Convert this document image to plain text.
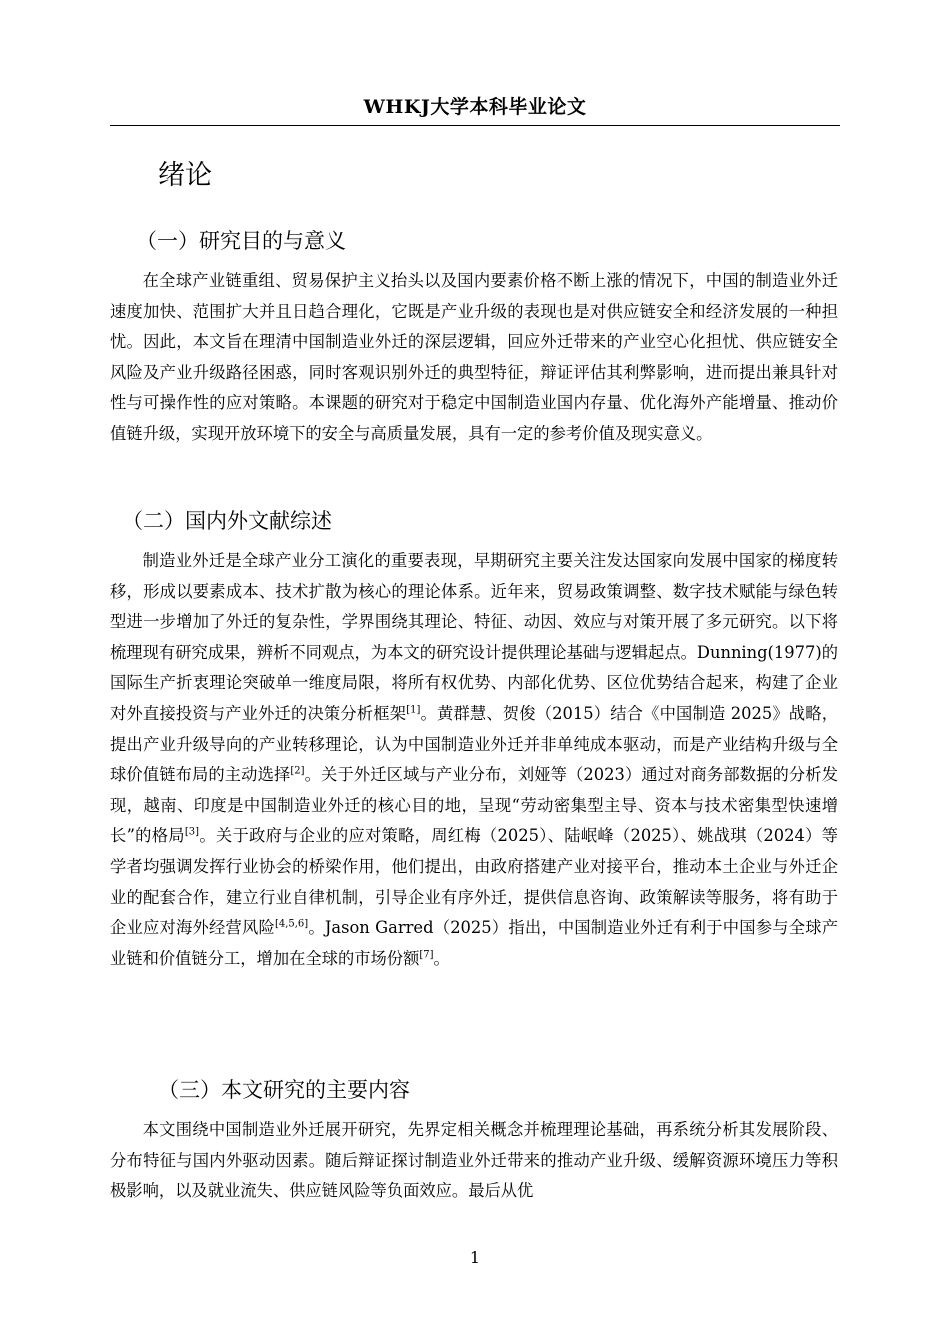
WHKJ大学本科毕业论文
绪论
（一）研究目的与意义
在全球产业链重组、贸易保护主义抬头以及国内要素价格不断上涨的情况下，中国的制造业外迁速度加快、范围扩大并且日趋合理化，它既是产业升级的表现也是对供应链安全和经济发展的一种担忧。因此，本文旨在理清中国制造业外迁的深层逻辑，回应外迁带来的产业空心化担忧、供应链安全风险及产业升级路径困惑，同时客观识别外迁的典型特征，辩证评估其利弊影响，进而提出兼具针对性与可操作性的应对策略。本课题的研究对于稳定中国制造业国内存量、优化海外产能增量、推动价值链升级，实现开放环境下的安全与高质量发展，具有一定的参考价值及现实意义。
（二）国内外文献综述
制造业外迁是全球产业分工演化的重要表现，早期研究主要关注发达国家向发展中国家的梯度转移，形成以要素成本、技术扩散为核心的理论体系。近年来，贸易政策调整、数字技术赋能与绿色转型进一步增加了外迁的复杂性，学界围绕其理论、特征、动因、效应与对策开展了多元研究。以下将梳理现有研究成果，辨析不同观点，为本文的研究设计提供理论基础与逻辑起点。Dunning(1977)的国际生产折衷理论突破单一维度局限，将所有权优势、内部化优势、区位优势结合起来，构建了企业对外直接投资与产业外迁的决策分析框架[1]。黄群慧、贺俊（2015）结合《中国制造 2025》战略，提出产业升级导向的产业转移理论，认为中国制造业外迁并非单纯成本驱动，而是产业结构升级与全球价值链布局的主动选择[2]。关于外迁区域与产业分布，刘娅等（2023）通过对商务部数据的分析发现，越南、印度是中国制造业外迁的核心目的地，呈现“劳动密集型主导、资本与技术密集型快速增长”的格局[3]。关于政府与企业的应对策略，周红梅（2025）、陆岷峰（2025）、姚战琪（2024）等学者均强调发挥行业协会的桥梁作用，他们提出，由政府搭建产业对接平台，推动本土企业与外迁企业的配套合作，建立行业自律机制，引导企业有序外迁，提供信息咨询、政策解读等服务，将有助于企业应对海外经营风险[4,5,6]。Jason Garred（2025）指出，中国制造业外迁有利于中国参与全球产业链和价值链分工，增加在全球的市场份额[7]。
（三）本文研究的主要内容
本文围绕中国制造业外迁展开研究，先界定相关概念并梳理理论基础，再系统分析其发展阶段、分布特征与国内外驱动因素。随后辩证探讨制造业外迁带来的推动产业升级、缓解资源环境压力等积极影响，以及就业流失、供应链风险等负面效应。最后从优
1
